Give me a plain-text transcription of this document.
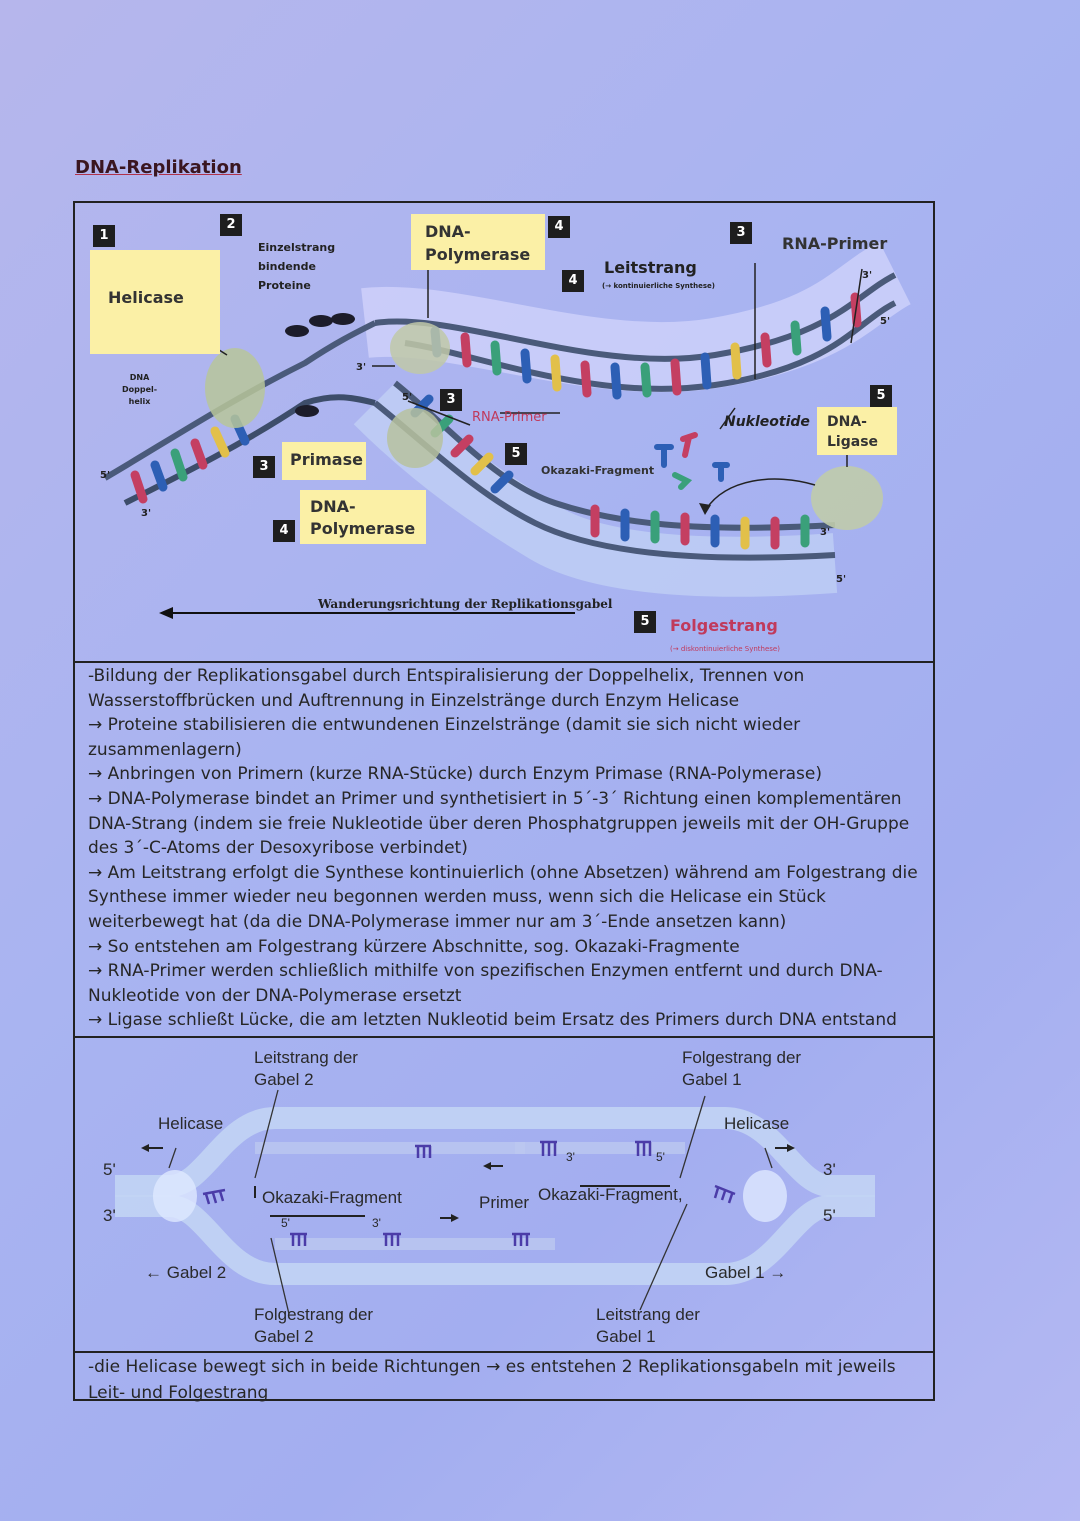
DNA-Replikation
1
2
3
4
4
4
3
3
5
5
5
Helicase
Einzelstrang
bindende
Proteine
DNA
Doppel-
helix
DNA-
Polymerase
Leitstrang
(→ kontinuierliche Synthese)
RNA-Primer
RNA-Primer
Primase
DNA-
Polymerase
Okazaki-Fragment
Nukleotide DNA-
Ligase
Folgestrang
(→ diskontinuierliche Synthese)
Wanderungsrichtung der Replikationsgabel
5'
3'
3'
5'
3'
5'
3'
5'

-Bildung der Replikationsgabel durch Entspiralisierung der Doppelhelix, Trennen von Wasserstoffbrücken und Auftrennung in Einzelstränge durch Enzym Helicase

→ Proteine stabilisieren die entwundenen Einzelstränge (damit sie sich nicht wieder zusammenlagern)

→ Anbringen von Primern (kurze RNA-Stücke) durch Enzym Primase (RNA-Polymerase)

→ DNA-Polymerase bindet an Primer und synthetisiert in 5´-3´ Richtung einen komplementären DNA-Strang (indem sie freie Nukleotide über deren Phosphatgruppen jeweils mit der OH-Gruppe des 3´-C-Atoms der Desoxyribose verbindet)

→ Am Leitstrang erfolgt die Synthese kontinuierlich (ohne Absetzen) während am Folgestrang die Synthese immer wieder neu begonnen werden muss, wenn sich die Helicase ein Stück weiterbewegt hat (da die DNA-Polymerase immer nur am 3´-Ende ansetzen kann)

→ So entstehen am Folgestrang kürzere Abschnitte, sog. Okazaki-Fragmente

→ RNA-Primer werden schließlich mithilfe von spezifischen Enzymen entfernt und durch DNA-Nukleotide von der DNA-Polymerase ersetzt

→ Ligase schließt Lücke, die am letzten Nukleotid beim Ersatz des Primers durch DNA entstand

Leitstrang der
Gabel 2
Folgestrang der
Gabel 1
Helicase	Helicase
Okazaki-Fragment	Okazaki-Fragment,
Primer
← Gabel 2	Gabel 1 →
Folgestrang der
Gabel 2
Leitstrang der
Gabel 1
5'
3'
3'
5'
5'	3'
3'	5'
-die Helicase bewegt sich in beide Richtungen → es entstehen 2 Replikationsgabeln mit jeweils Leit- und Folgestrang
